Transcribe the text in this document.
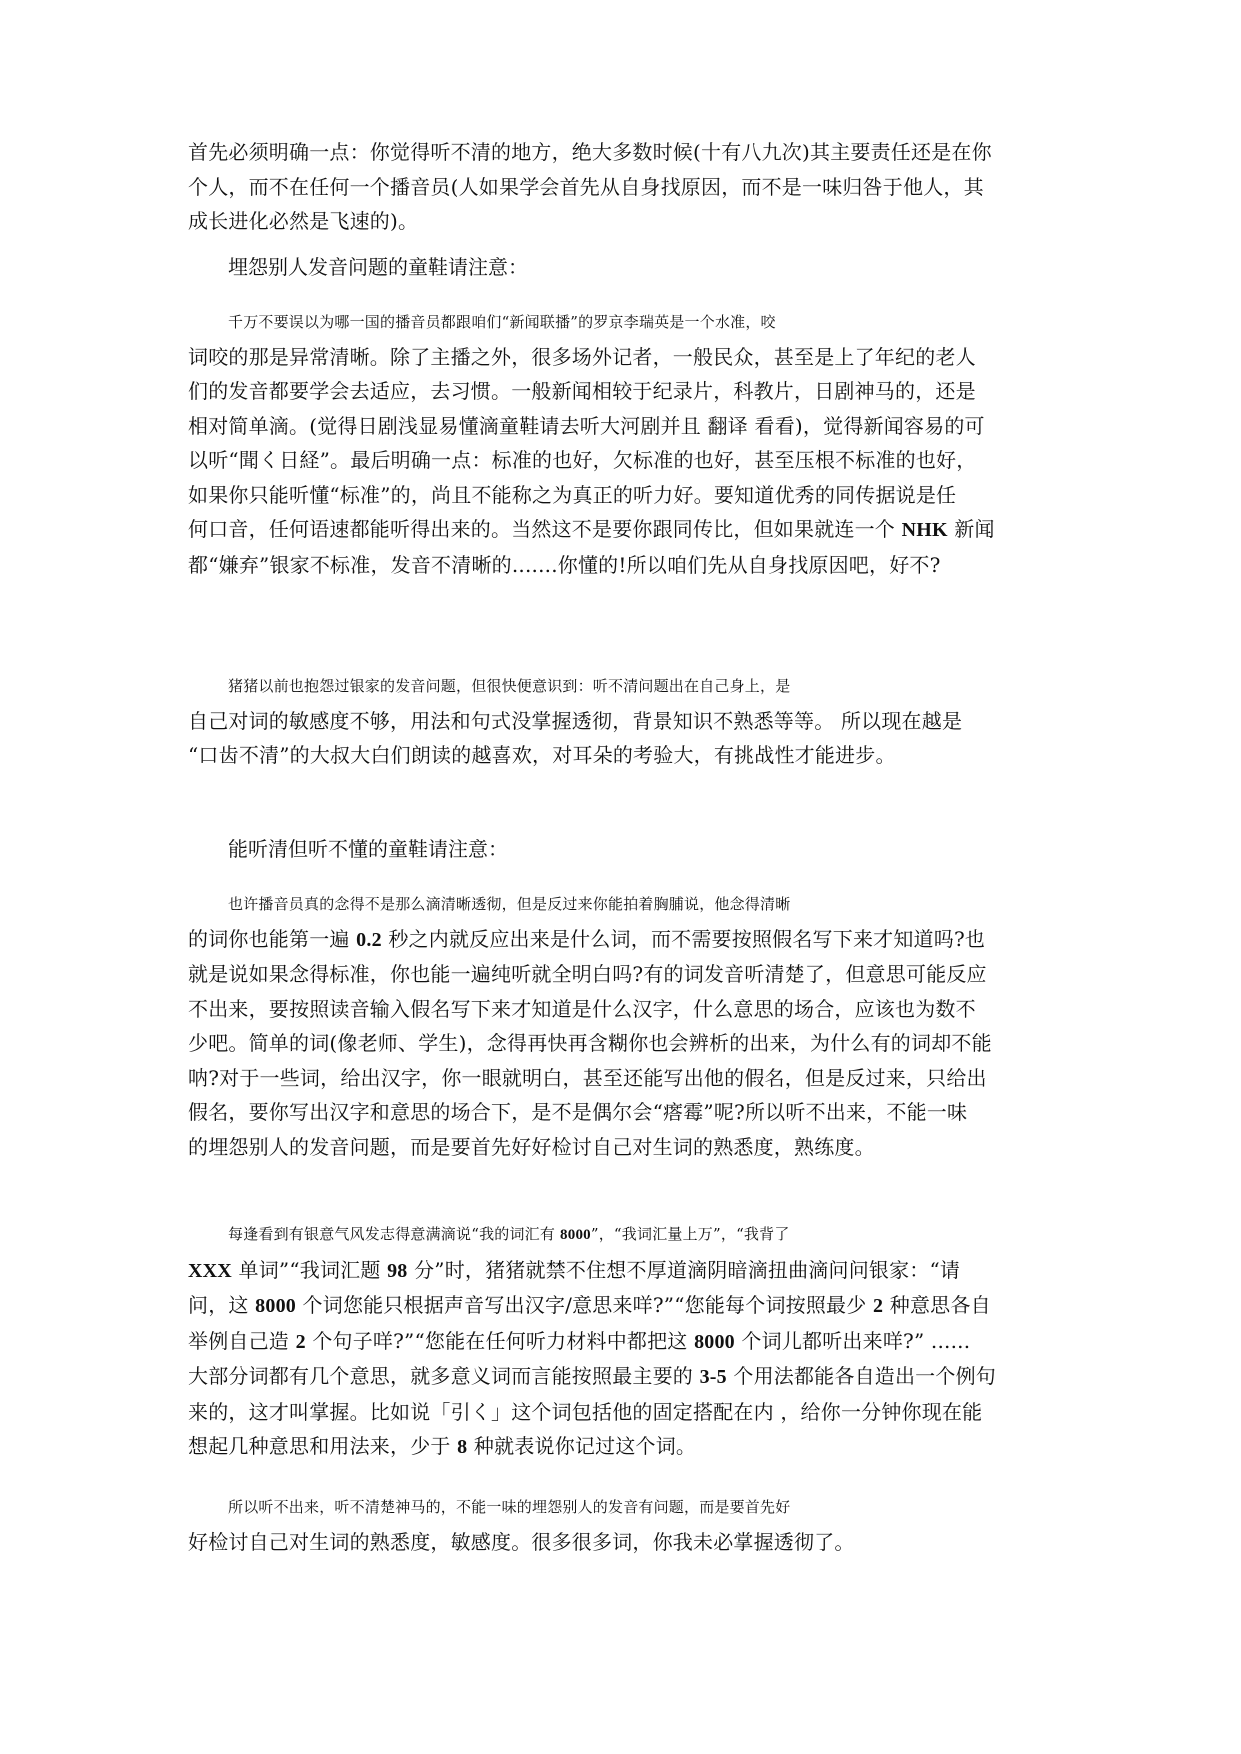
首先必须明确一点：你觉得听不清的地方，绝大多数时候(十有八九次)其主要责任还是在你
个人，而不在任何一个播音员(人如果学会首先从自身找原因，而不是一味归咎于他人，其
成长进化必然是飞速的)。
埋怨别人发音问题的童鞋请注意：
千万不要误以为哪一国的播音员都跟咱们“新闻联播”的罗京李瑞英是一个水准，咬
词咬的那是异常清晰。除了主播之外，很多场外记者，一般民众，甚至是上了年纪的老人
们的发音都要学会去适应，去习惯。一般新闻相较于纪录片，科教片，日剧神马的，还是
相对简单滴。(觉得日剧浅显易懂滴童鞋请去听大河剧并且 翻译 看看)，觉得新闻容易的可
以听“聞く日経”。最后明确一点：标准的也好，欠标准的也好，甚至压根不标准的也好，
如果你只能听懂“标准”的，尚且不能称之为真正的听力好。要知道优秀的同传据说是任
何口音，任何语速都能听得出来的。当然这不是要你跟同传比，但如果就连一个 NHK 新闻
都“嫌弃”银家不标准，发音不清晰的.......你懂的!所以咱们先从自身找原因吧，好不?
猪猪以前也抱怨过银家的发音问题，但很快便意识到：听不清问题出在自己身上，是
自己对词的敏感度不够，用法和句式没掌握透彻，背景知识不熟悉等等。 所以现在越是
“口齿不清”的大叔大白们朗读的越喜欢，对耳朵的考验大，有挑战性才能进步。
能听清但听不懂的童鞋请注意：
也许播音员真的念得不是那么滴清晰透彻，但是反过来你能拍着胸脯说，他念得清晰
的词你也能第一遍 0.2 秒之内就反应出来是什么词，而不需要按照假名写下来才知道吗?也
就是说如果念得标准，你也能一遍纯听就全明白吗?有的词发音听清楚了，但意思可能反应
不出来，要按照读音输入假名写下来才知道是什么汉字，什么意思的场合，应该也为数不
少吧。简单的词(像老师、学生)，念得再快再含糊你也会辨析的出来，为什么有的词却不能
呐?对于一些词，给出汉字，你一眼就明白，甚至还能写出他的假名，但是反过来，只给出
假名，要你写出汉字和意思的场合下，是不是偶尔会“瘩霉”呢?所以听不出来，不能一味
的埋怨别人的发音问题，而是要首先好好检讨自己对生词的熟悉度，熟练度。
每逢看到有银意气风发志得意满滴说“我的词汇有 8000”，“我词汇量上万”，“我背了
XXX 单词”“我词汇题 98 分”时，猪猪就禁不住想不厚道滴阴暗滴扭曲滴问问银家：“请
问，这 8000 个词您能只根据声音写出汉字/意思来咩?”“您能每个词按照最少 2 种意思各自
举例自己造 2 个句子咩?”“您能在任何听力材料中都把这 8000 个词儿都听出来咩?” ......
大部分词都有几个意思，就多意义词而言能按照最主要的 3-5 个用法都能各自造出一个例句
来的，这才叫掌握。比如说「引く」这个词包括他的固定搭配在内 ，给你一分钟你现在能
想起几种意思和用法来，少于 8 种就表说你记过这个词。
所以听不出来，听不清楚神马的，不能一味的埋怨别人的发音有问题，而是要首先好
好检讨自己对生词的熟悉度，敏感度。很多很多词，你我未必掌握透彻了。
